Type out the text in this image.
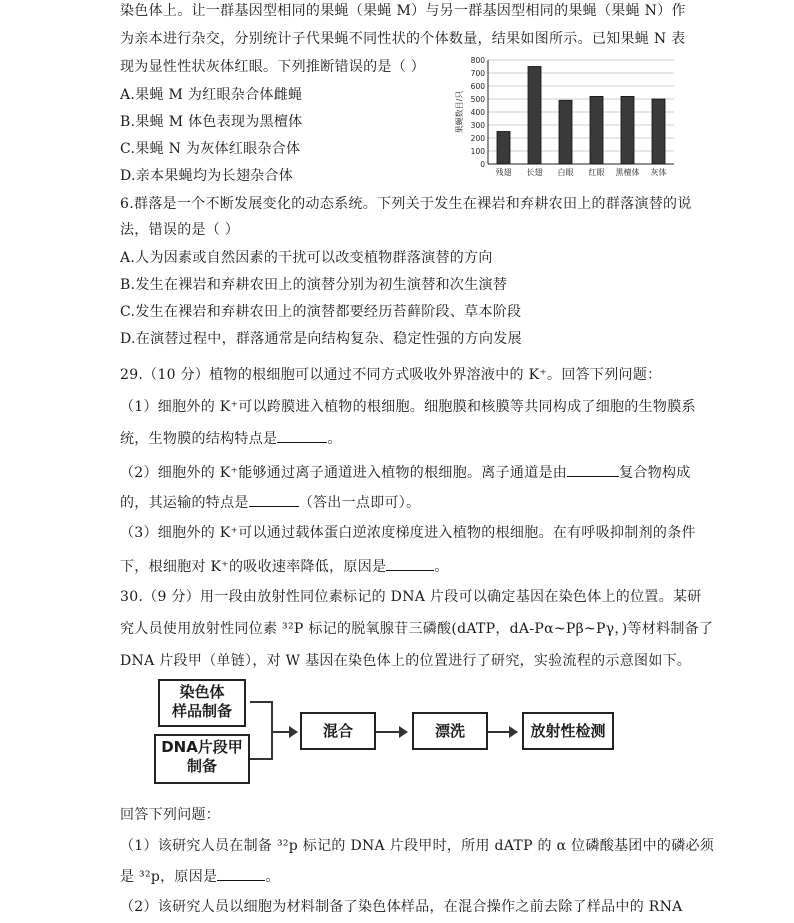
染色体上。让一群基因型相同的果蝇（果蝇 M）与另一群基因型相同的果蝇（果蝇 N）作
为亲本进行杂交，分别统计子代果蝇不同性状的个体数量，结果如图所示。已知果蝇 N 表
现为显性性状灰体红眼。下列推断错误的是（ ）
A.果蝇 M 为红眼杂合体雌蝇
B.果蝇 M 体色表现为黑檀体
C.果蝇 N 为灰体红眼杂合体
D.亲本果蝇均为长翅杂合体
6.群落是一个不断发展变化的动态系统。下列关于发生在裸岩和弃耕农田上的群落演替的说
法，错误的是（ ）
A.人为因素或自然因素的干扰可以改变植物群落演替的方向
B.发生在裸岩和弃耕农田上的演替分别为初生演替和次生演替
C.发生在裸岩和弃耕农田上的演替都要经历苔藓阶段、草本阶段
D.在演替过程中，群落通常是向结构复杂、稳定性强的方向发展
29.（10 分）植物的根细胞可以通过不同方式吸收外界溶液中的 K⁺。回答下列问题：
（1）细胞外的 K⁺可以跨膜进入植物的根细胞。细胞膜和核膜等共同构成了细胞的生物膜系
统，生物膜的结构特点是	。
（2）细胞外的 K⁺能够通过离子通道进入植物的根细胞。离子通道是由	复合物构成
的，其运输的特点是	（答出一点即可）。
（3）细胞外的 K⁺可以通过载体蛋白逆浓度梯度进入植物的根细胞。在有呼吸抑制剂的条件
下，根细胞对 K⁺的吸收速率降低，原因是	。
30.（9 分）用一段由放射性同位素标记的 DNA 片段可以确定基因在染色体上的位置。某研
究人员使用放射性同位素 ³²P 标记的脱氧腺苷三磷酸(dATP，dA-Pα~Pβ~Pγ，)等材料制备了
DNA 片段甲（单链），对 W 基因在染色体上的位置进行了研究，实验流程的示意图如下。
回答下列问题：
（1）该研究人员在制备 ³²p 标记的 DNA 片段甲时，所用 dATP 的 α 位磷酸基团中的磷必须
是 ³²p，原因是	。
（2）该研究人员以细胞为材料制备了染色体样品，在混合操作之前去除了样品中的 RNA
0
100
200
300
400
500
600
700
800
果蝇数目/只
残翅 长翅 白眼 红眼 黑檀体 灰体
染色体
样品制备
DNA片段甲
制备
混合	漂洗	放射性检测
